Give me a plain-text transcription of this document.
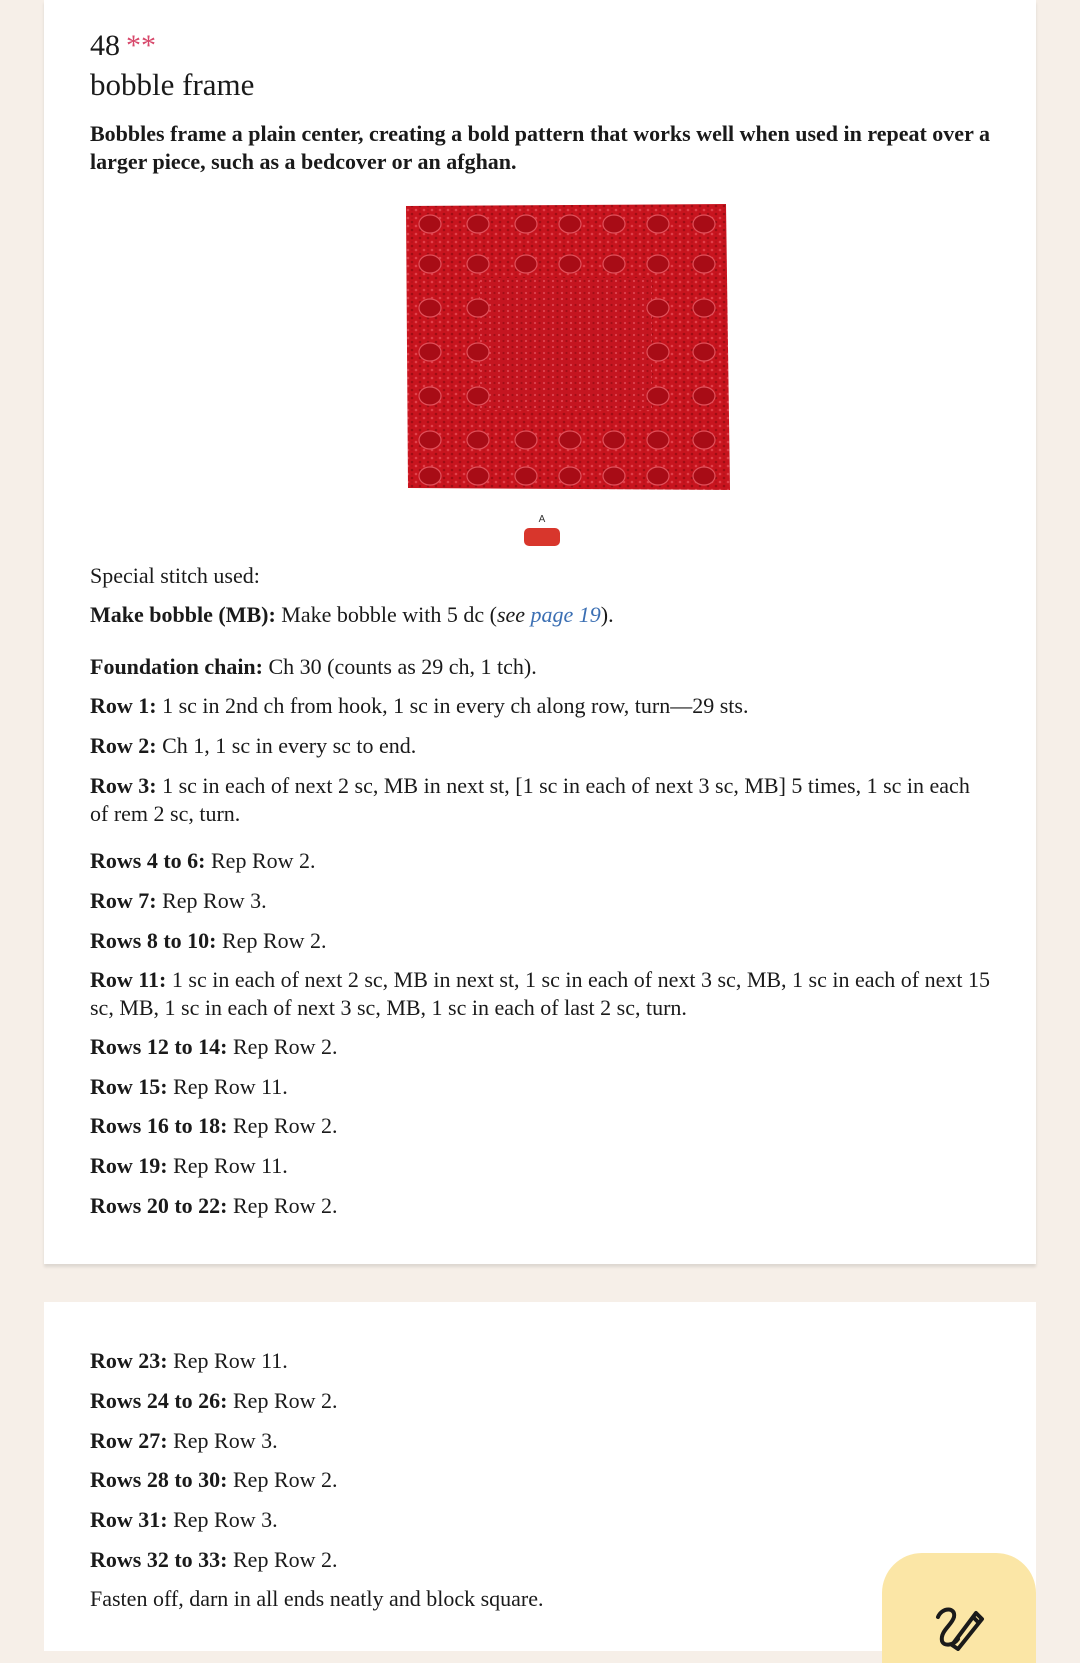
48 **
bobble frame
Bobbles frame a plain center, creating a bold pattern that works well when used in repeat over a larger piece, such as a bedcover or an afghan.
A
Special stitch used:
Make bobble (MB): Make bobble with 5 dc (see page 19).
Foundation chain: Ch 30 (counts as 29 ch, 1 tch).
Row 1: 1 sc in 2nd ch from hook, 1 sc in every ch along row, turn—29 sts.
Row 2: Ch 1, 1 sc in every sc to end.
Row 3: 1 sc in each of next 2 sc, MB in next st, [1 sc in each of next 3 sc, MB] 5 times, 1 sc in each of rem 2 sc, turn.
Rows 4 to 6: Rep Row 2.
Row 7: Rep Row 3.
Rows 8 to 10: Rep Row 2.
Row 11: 1 sc in each of next 2 sc, MB in next st, 1 sc in each of next 3 sc, MB, 1 sc in each of next 15 sc, MB, 1 sc in each of next 3 sc, MB, 1 sc in each of last 2 sc, turn.
Rows 12 to 14: Rep Row 2.
Row 15: Rep Row 11.
Rows 16 to 18: Rep Row 2.
Row 19: Rep Row 11.
Rows 20 to 22: Rep Row 2.
Row 23: Rep Row 11.
Rows 24 to 26: Rep Row 2.
Row 27: Rep Row 3.
Rows 28 to 30: Rep Row 2.
Row 31: Rep Row 3.
Rows 32 to 33: Rep Row 2.
Fasten off, darn in all ends neatly and block square.
